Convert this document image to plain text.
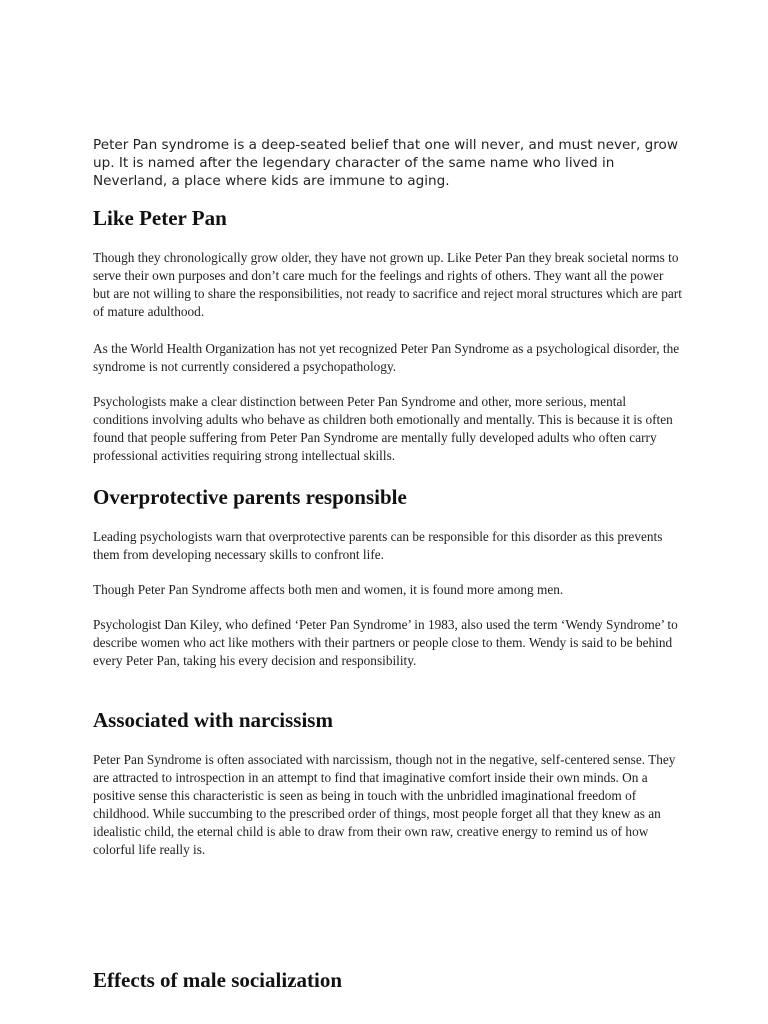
Peter Pan syndrome is a deep-seated belief that one will never, and must never, grow up. It is named after the legendary character of the same name who lived in Neverland, a place where kids are immune to aging.

Like Peter Pan

Though they chronologically grow older, they have not grown up. Like Peter Pan they break societal norms to serve their own purposes and don’t care much for the feelings and rights of others. They want all the power but are not willing to share the responsibilities, not ready to sacrifice and reject moral structures which are part of mature adulthood.

As the World Health Organization has not yet recognized Peter Pan Syndrome as a psychological disorder, the syndrome is not currently considered a psychopathology.

Psychologists make a clear distinction between Peter Pan Syndrome and other, more serious, mental conditions involving adults who behave as children both emotionally and mentally. This is because it is often found that people suffering from Peter Pan Syndrome are mentally fully developed adults who often carry professional activities requiring strong intellectual skills.

Overprotective parents responsible

Leading psychologists warn that overprotective parents can be responsible for this disorder as this prevents them from developing necessary skills to confront life.

Though Peter Pan Syndrome affects both men and women, it is found more among men.

Psychologist Dan Kiley, who defined ‘Peter Pan Syndrome’ in 1983, also used the term ‘Wendy Syndrome’ to describe women who act like mothers with their partners or people close to them. Wendy is said to be behind every Peter Pan, taking his every decision and responsibility.

Associated with narcissism

Peter Pan Syndrome is often associated with narcissism, though not in the negative, self-centered sense. They are attracted to introspection in an attempt to find that imaginative comfort inside their own minds. On a positive sense this characteristic is seen as being in touch with the unbridled imaginational freedom of childhood. While succumbing to the prescribed order of things, most people forget all that they knew as an idealistic child, the eternal child is able to draw from their own raw, creative energy to remind us of how colorful life really is.

Effects of male socialization
